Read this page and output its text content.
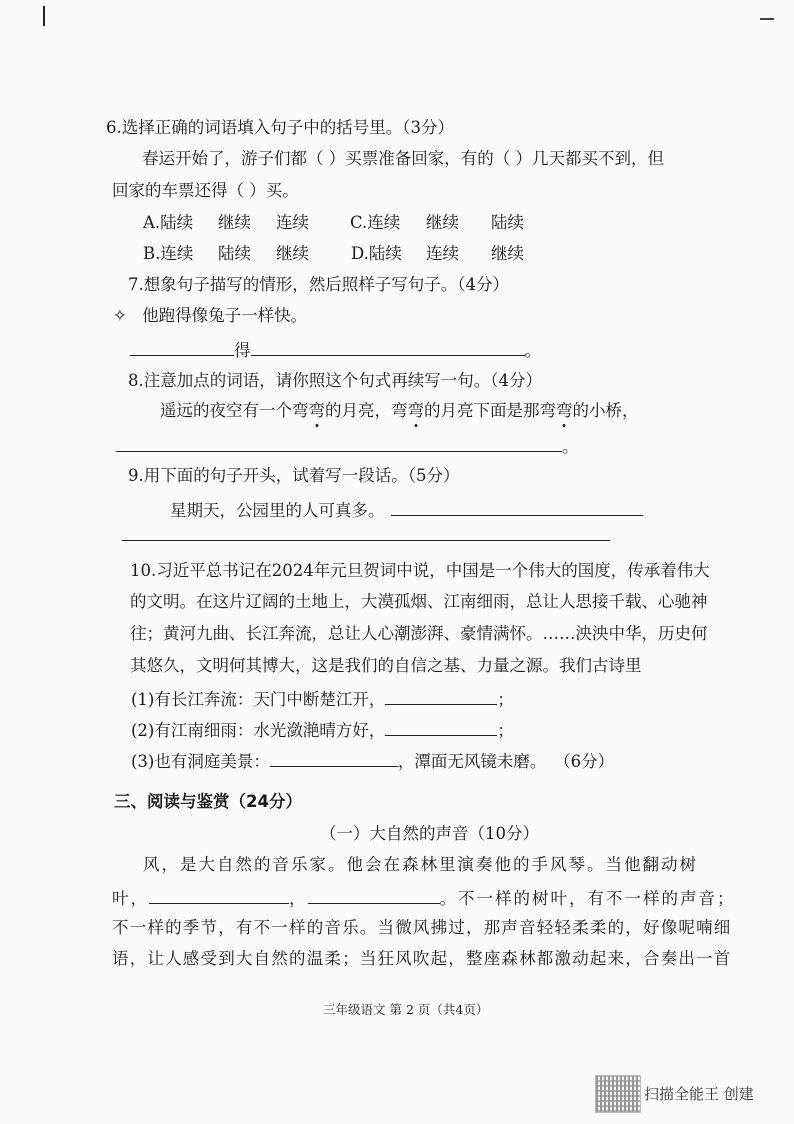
6.选择正确的词语填入句子中的括号里。（3分）
春运开始了，游子们都（ ）买票准备回家，有的（ ）几天都买不到，但
回家的车票还得（ ）买。
A.陆续 继续 连续 C.连续 继续 陆续
B.连续 陆续 继续	D.陆续 连续 继续
7.想象句子描写的情形，然后照样子写句子。（4分）
✧ 他跑得像兔子一样快。
得	。
8.注意加点的词语，请你照这个句式再续写一句。（4分）
遥远的夜空有一个弯弯的月亮，弯弯的月亮下面是那弯弯的小桥，
。
9.用下面的句子开头，试着写一段话。（5分）
星期天，公园里的人可真多。
10.习近平总书记在2024年元旦贺词中说，中国是一个伟大的国度，传承着伟大
的文明。在这片辽阔的土地上，大漠孤烟、江南细雨，总让人思接千载、心驰神
往；黄河九曲、长江奔流，总让人心潮澎湃、豪情满怀。……泱泱中华，历史何
其悠久，文明何其博大，这是我们的自信之基、力量之源。我们古诗里
(1)有长江奔流：天门中断楚江开，	；
(2)有江南细雨：水光潋滟晴方好，	；
(3)也有洞庭美景：	，潭面无风镜未磨。 （6分）
三、阅读与鉴赏（24分）
（一）大自然的声音（10分）
风，是大自然的音乐家。他会在森林里演奏他的手风琴。当他翻动树
叶，	，	。不一样的树叶，有不一样的声音；
不一样的季节，有不一样的音乐。当微风拂过，那声音轻轻柔柔的，好像呢喃细
语，让人感受到大自然的温柔；当狂风吹起，整座森林都激动起来，合奏出一首
三年级语文 第 2 页（共4页）
扫描全能王 创建
